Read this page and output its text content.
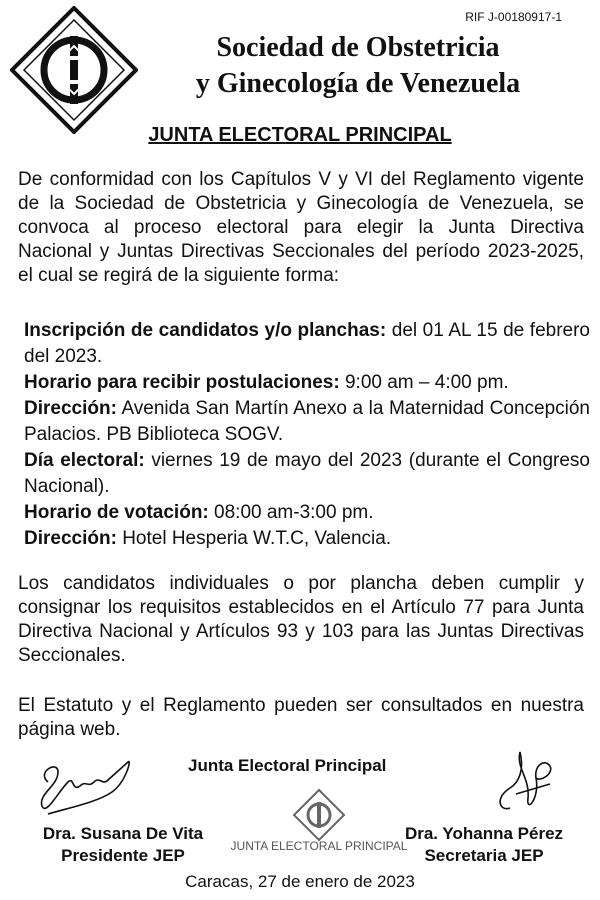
RIF J-00180917-1
Sociedad de Obstetricia
y Ginecología de Venezuela
JUNTA ELECTORAL PRINCIPAL
De conformidad con los Capítulos V y VI del Reglamento vigente de la Sociedad de Obstetricia y Ginecología de Venezuela, se convoca al proceso electoral para elegir la Junta Directiva Nacional y Juntas Directivas Seccionales del período 2023-2025, el cual se regirá de la siguiente forma:
Inscripción de candidatos y/o planchas: del 01 AL 15 de febrero del 2023.
Horario para recibir postulaciones: 9:00 am – 4:00 pm.
Dirección: Avenida San Martín Anexo a la Maternidad Concepción Palacios. PB Biblioteca SOGV.
Día electoral: viernes 19 de mayo del 2023 (durante el Congreso Nacional).
Horario de votación: 08:00 am-3:00 pm.
Dirección: Hotel Hesperia W.T.C, Valencia.
Los candidatos individuales o por plancha deben cumplir y consignar los requisitos establecidos en el Artículo 77 para Junta Directiva Nacional y Artículos 93 y 103 para las Juntas Directivas Seccionales.
El Estatuto y el Reglamento pueden ser consultados en nuestra página web.
Junta Electoral Principal
JUNTA ELECTORAL PRINCIPAL
Dra. Susana De Vita
Presidente JEP
Dra. Yohanna Pérez
Secretaria JEP
Caracas, 27 de enero de 2023
